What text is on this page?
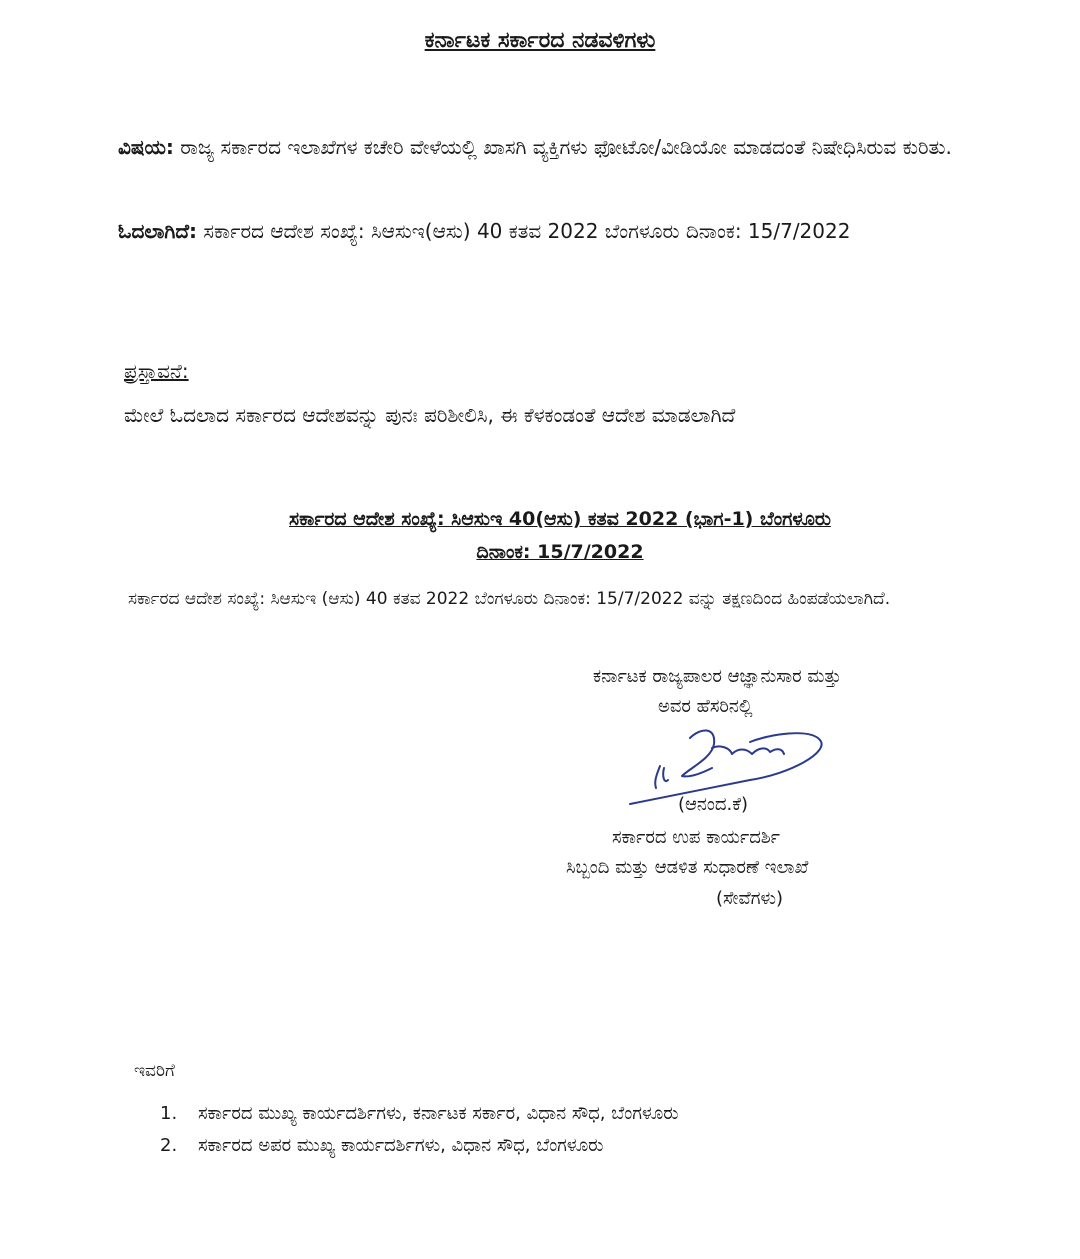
ಕರ್ನಾಟಕ ಸರ್ಕಾರದ ನಡವಳಿಗಳು
ವಿಷಯ: ರಾಜ್ಯ ಸರ್ಕಾರದ ಇಲಾಖೆಗಳ ಕಚೇರಿ ವೇಳೆಯಲ್ಲಿ ಖಾಸಗಿ ವ್ಯಕ್ತಿಗಳು ಫೋಟೋ/ವೀಡಿಯೋ ಮಾಡದಂತೆ ನಿಷೇಧಿಸಿರುವ ಕುರಿತು.
ಓದಲಾಗಿದೆ: ಸರ್ಕಾರದ ಆದೇಶ ಸಂಖ್ಯೆ: ಸಿಆಸುಇ(ಆಸು) 40 ಕತವ 2022 ಬೆಂಗಳೂರು ದಿನಾಂಕ: 15/7/2022
ಪ್ರಸ್ತಾವನೆ:
ಮೇಲೆ ಓದಲಾದ ಸರ್ಕಾರದ ಆದೇಶವನ್ನು ಪುನಃ ಪರಿಶೀಲಿಸಿ, ಈ ಕೆಳಕಂಡಂತೆ ಆದೇಶ ಮಾಡಲಾಗಿದೆ
ಸರ್ಕಾರದ ಆದೇಶ ಸಂಖ್ಯೆ: ಸಿಆಸುಇ 40(ಆಸು) ಕತವ 2022 (ಭಾಗ-1) ಬೆಂಗಳೂರು
ದಿನಾಂಕ: 15/7/2022
ಸರ್ಕಾರದ ಆದೇಶ ಸಂಖ್ಯೆ: ಸಿಆಸುಇ (ಆಸು) 40 ಕತವ 2022 ಬೆಂಗಳೂರು ದಿನಾಂಕ: 15/7/2022 ವನ್ನು ತಕ್ಷಣದಿಂದ ಹಿಂಪಡೆಯಲಾಗಿದೆ.
ಕರ್ನಾಟಕ ರಾಜ್ಯಪಾಲರ ಆಜ್ಞಾನುಸಾರ ಮತ್ತು
ಅವರ ಹೆಸರಿನಲ್ಲಿ
(ಆನಂದ.ಕೆ)
ಸರ್ಕಾರದ ಉಪ ಕಾರ್ಯದರ್ಶಿ
ಸಿಬ್ಬಂದಿ ಮತ್ತು ಆಡಳಿತ ಸುಧಾರಣೆ ಇಲಾಖೆ
(ಸೇವೆಗಳು)
ಇವರಿಗೆ
1. ಸರ್ಕಾರದ ಮುಖ್ಯ ಕಾರ್ಯದರ್ಶಿಗಳು, ಕರ್ನಾಟಕ ಸರ್ಕಾರ, ವಿಧಾನ ಸೌಧ, ಬೆಂಗಳೂರು
2. ಸರ್ಕಾರದ ಅಪರ ಮುಖ್ಯ ಕಾರ್ಯದರ್ಶಿಗಳು, ವಿಧಾನ ಸೌಧ, ಬೆಂಗಳೂರು
